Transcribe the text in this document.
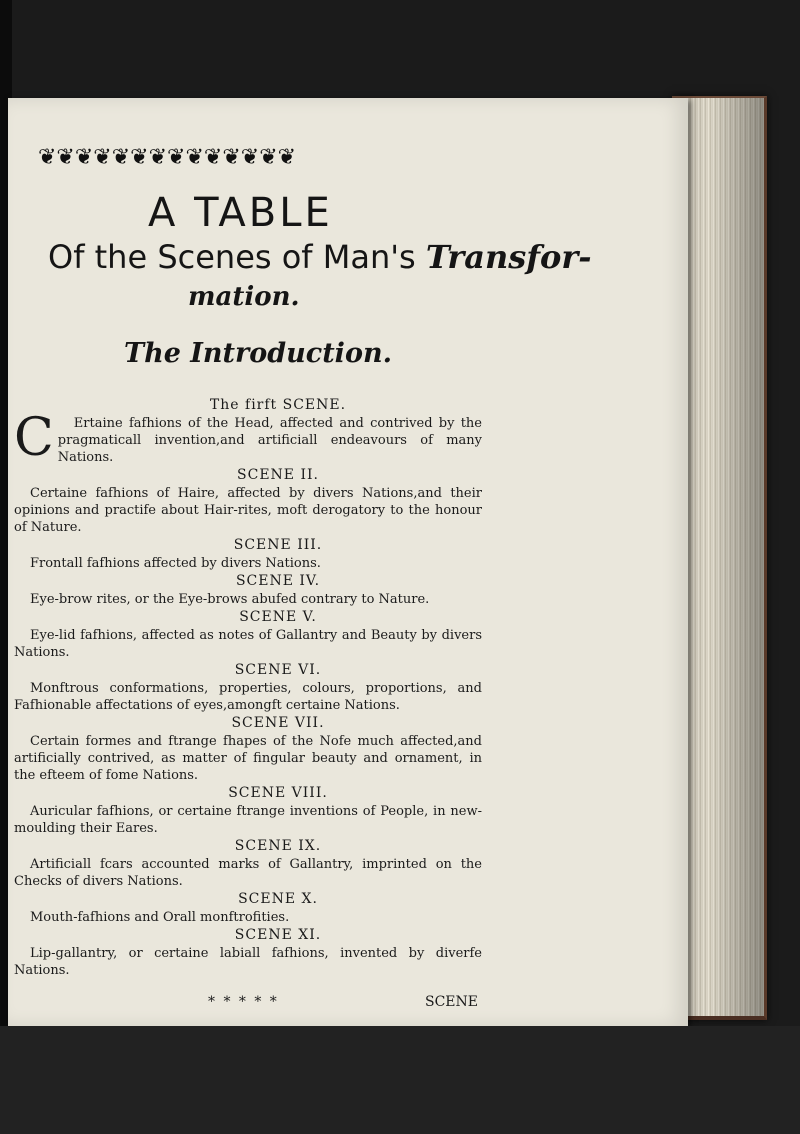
❦❦❦❦❦❦❦❦❦❦❦❦❦❦
A TABLE
Of the Scenes of Man's Transfor-
mation.
The Introduction.
The firft SCENE.

C Ertaine fafhions of the Head, affected and contrived by the pragmaticall invention,and artificiall endeavours of many Nations.

SCENE II.

Certaine fafhions of Haire, affected by divers Nations,and their opinions and practife about Hair-rites, moft derogatory to the honour of Nature.

SCENE III.

Frontall fafhions affected by divers Nations.

SCENE IV.

Eye-brow rites, or the Eye-brows abufed contrary to Nature.

SCENE V.

Eye-lid fafhions, affected as notes of Gallantry and Beauty by divers Nations.

SCENE VI.

Monftrous conformations, properties, colours, proportions, and Fafhionable affectations of eyes,amongft certaine Nations.

SCENE VII.

Certain formes and ftrange fhapes of the Nofe much affected,and artificially contrived, as matter of fingular beauty and ornament, in the efteem of fome Nations.

SCENE VIII.

Auricular fafhions, or certaine ftrange inventions of People, in new-moulding their Eares.

SCENE IX.

Artificiall fcars accounted marks of Gallantry, imprinted on the Checks of divers Nations.

SCENE X.

Mouth-fafhions and Orall monftrofities.

SCENE XI.

Lip-gallantry, or certaine labiall fafhions, invented by diverfe Nations.

* * * * *	SCENE
